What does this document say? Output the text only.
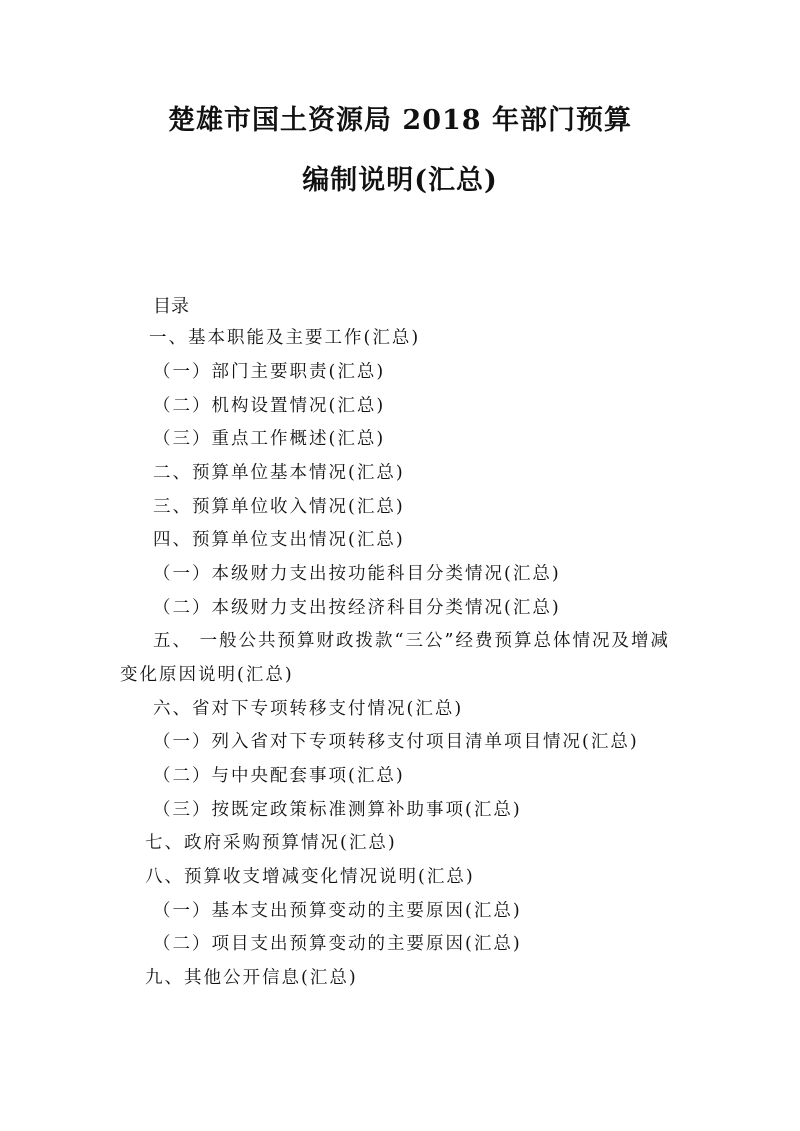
楚雄市国土资源局 2018 年部门预算
编制说明(汇总)
目录
一、基本职能及主要工作(汇总)
（一）部门主要职责(汇总)
（二）机构设置情况(汇总)
（三）重点工作概述(汇总)
二、预算单位基本情况(汇总)
三、预算单位收入情况(汇总)
四、预算单位支出情况(汇总)
（一）本级财力支出按功能科目分类情况(汇总)
（二）本级财力支出按经济科目分类情况(汇总)
五、 一般公共预算财政拨款“三公”经费预算总体情况及增减
变化原因说明(汇总)
六、省对下专项转移支付情况(汇总)
（一）列入省对下专项转移支付项目清单项目情况(汇总)
（二）与中央配套事项(汇总)
（三）按既定政策标准测算补助事项(汇总)
七、政府采购预算情况(汇总)
八、预算收支增减变化情况说明(汇总)
（一）基本支出预算变动的主要原因(汇总)
（二）项目支出预算变动的主要原因(汇总)
九、其他公开信息(汇总)
